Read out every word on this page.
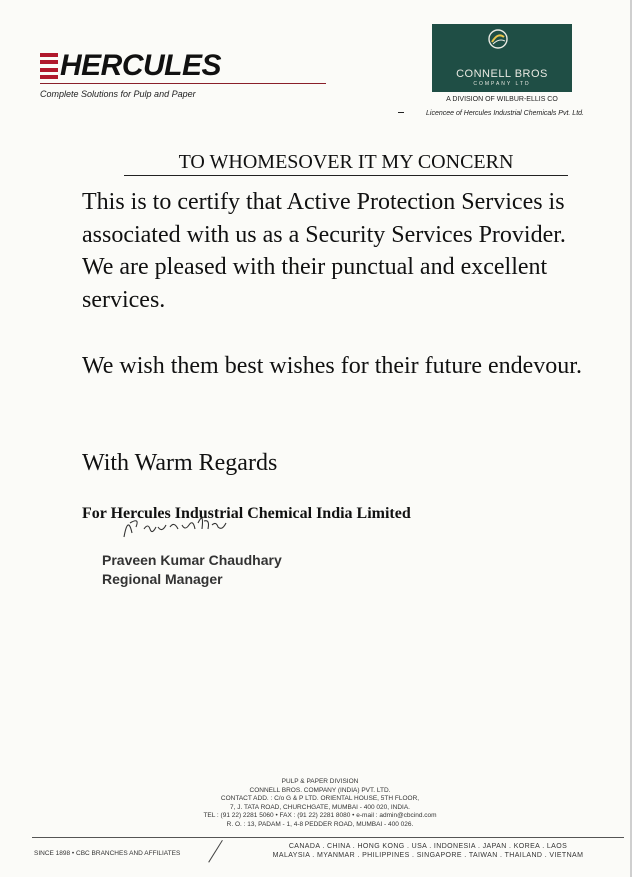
HERCULES
Complete Solutions for Pulp and Paper
CONNELL BROS
COMPANY LTD
A DIVISION OF WILBUR-ELLIS CO
Licencee of Hercules Industrial Chemicals Pvt. Ltd.
TO WHOMESOVER IT MY CONCERN
This is to certify that Active Protection Services is associated with us as a Security Services Provider. We are pleased with their punctual and excellent services.
We wish them best wishes for their future endevour.
With Warm Regards
For Hercules Industrial Chemical India Limited
Praveen Kumar Chaudhary
Regional Manager
PULP & PAPER DIVISION
CONNELL BROS. COMPANY (INDIA) PVT. LTD.
CONTACT ADD. : C/o G & P LTD. ORIENTAL HOUSE, 5TH FLOOR,
7, J. TATA ROAD, CHURCHGATE, MUMBAI - 400 020, INDIA.
TEL : (91 22) 2281 5060 • FAX : (91 22) 2281 8080 • e-mail : admin@cbcind.com
R. O. : 13, PADAM - 1, 4-8 PEDDER ROAD, MUMBAI - 400 026.
SINCE 1898 • CBC BRANCHES AND AFFILIATES
CANADA . CHINA . HONG KONG . USA . INDONESIA . JAPAN . KOREA . LAOS
MALAYSIA . MYANMAR . PHILIPPINES . SINGAPORE . TAIWAN . THAILAND . VIETNAM
